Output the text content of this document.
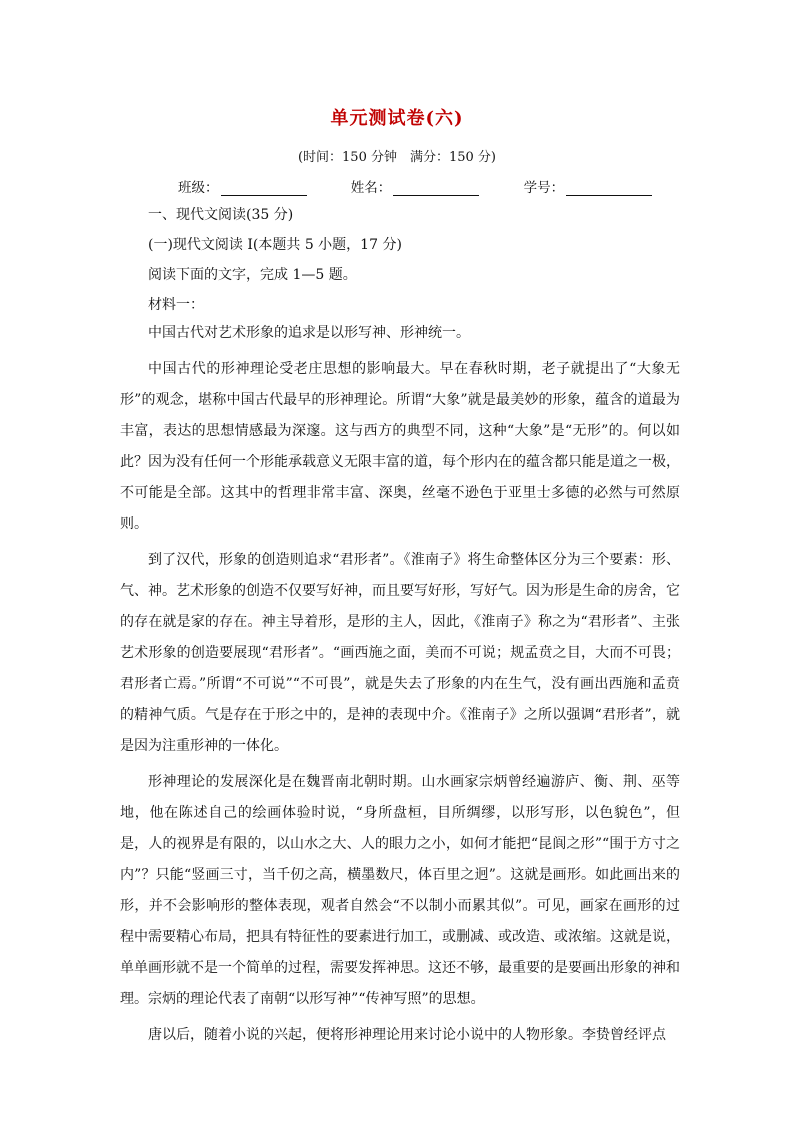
单元测试卷(六)
(时间：150 分钟　满分：150 分)
班级：	姓名：	学号：
一、现代文阅读(35 分)
(一)现代文阅读 I(本题共 5 小题，17 分)
阅读下面的文字，完成 1—5 题。
材料一：
中国古代对艺术形象的追求是以形写神、形神统一。
中国古代的形神理论受老庄思想的影响最大。早在春秋时期，老子就提出了“大象无形”的观念，堪称中国古代最早的形神理论。所谓“大象”就是最美妙的形象，蕴含的道最为丰富，表达的思想情感最为深邃。这与西方的典型不同，这种“大象”是“无形”的。何以如此？因为没有任何一个形能承载意义无限丰富的道，每个形内在的蕴含都只能是道之一极，不可能是全部。这其中的哲理非常丰富、深奥，丝毫不逊色于亚里士多德的必然与可然原则。
到了汉代，形象的创造则追求“君形者”。《淮南子》将生命整体区分为三个要素：形、气、神。艺术形象的创造不仅要写好神，而且要写好形，写好气。因为形是生命的房舍，它的存在就是家的存在。神主导着形，是形的主人，因此，《淮南子》称之为“君形者”、主张艺术形象的创造要展现“君形者”。“画西施之面，美而不可说；规孟贲之目，大而不可畏；君形者亡焉。”所谓“不可说”“不可畏”，就是失去了形象的内在生气，没有画出西施和孟贲的精神气质。气是存在于形之中的，是神的表现中介。《淮南子》之所以强调“君形者”，就是因为注重形神的一体化。
形神理论的发展深化是在魏晋南北朝时期。山水画家宗炳曾经遍游庐、衡、荆、巫等地，他在陈述自己的绘画体验时说，“身所盘桓，目所绸缪，以形写形，以色貌色”，但是，人的视界是有限的，以山水之大、人的眼力之小，如何才能把“昆阆之形”“围于方寸之内”？只能“竖画三寸，当千仞之高，横墨数尺，体百里之迥”。这就是画形。如此画出来的形，并不会影响形的整体表现，观者自然会“不以制小而累其似”。可见，画家在画形的过程中需要精心布局，把具有特征性的要素进行加工，或删减、或改造、或浓缩。这就是说，单单画形就不是一个简单的过程，需要发挥神思。这还不够，最重要的是要画出形象的神和理。宗炳的理论代表了南朝“以形写神”“传神写照”的思想。
唐以后，随着小说的兴起，便将形神理论用来讨论小说中的人物形象。李贽曾经评点
